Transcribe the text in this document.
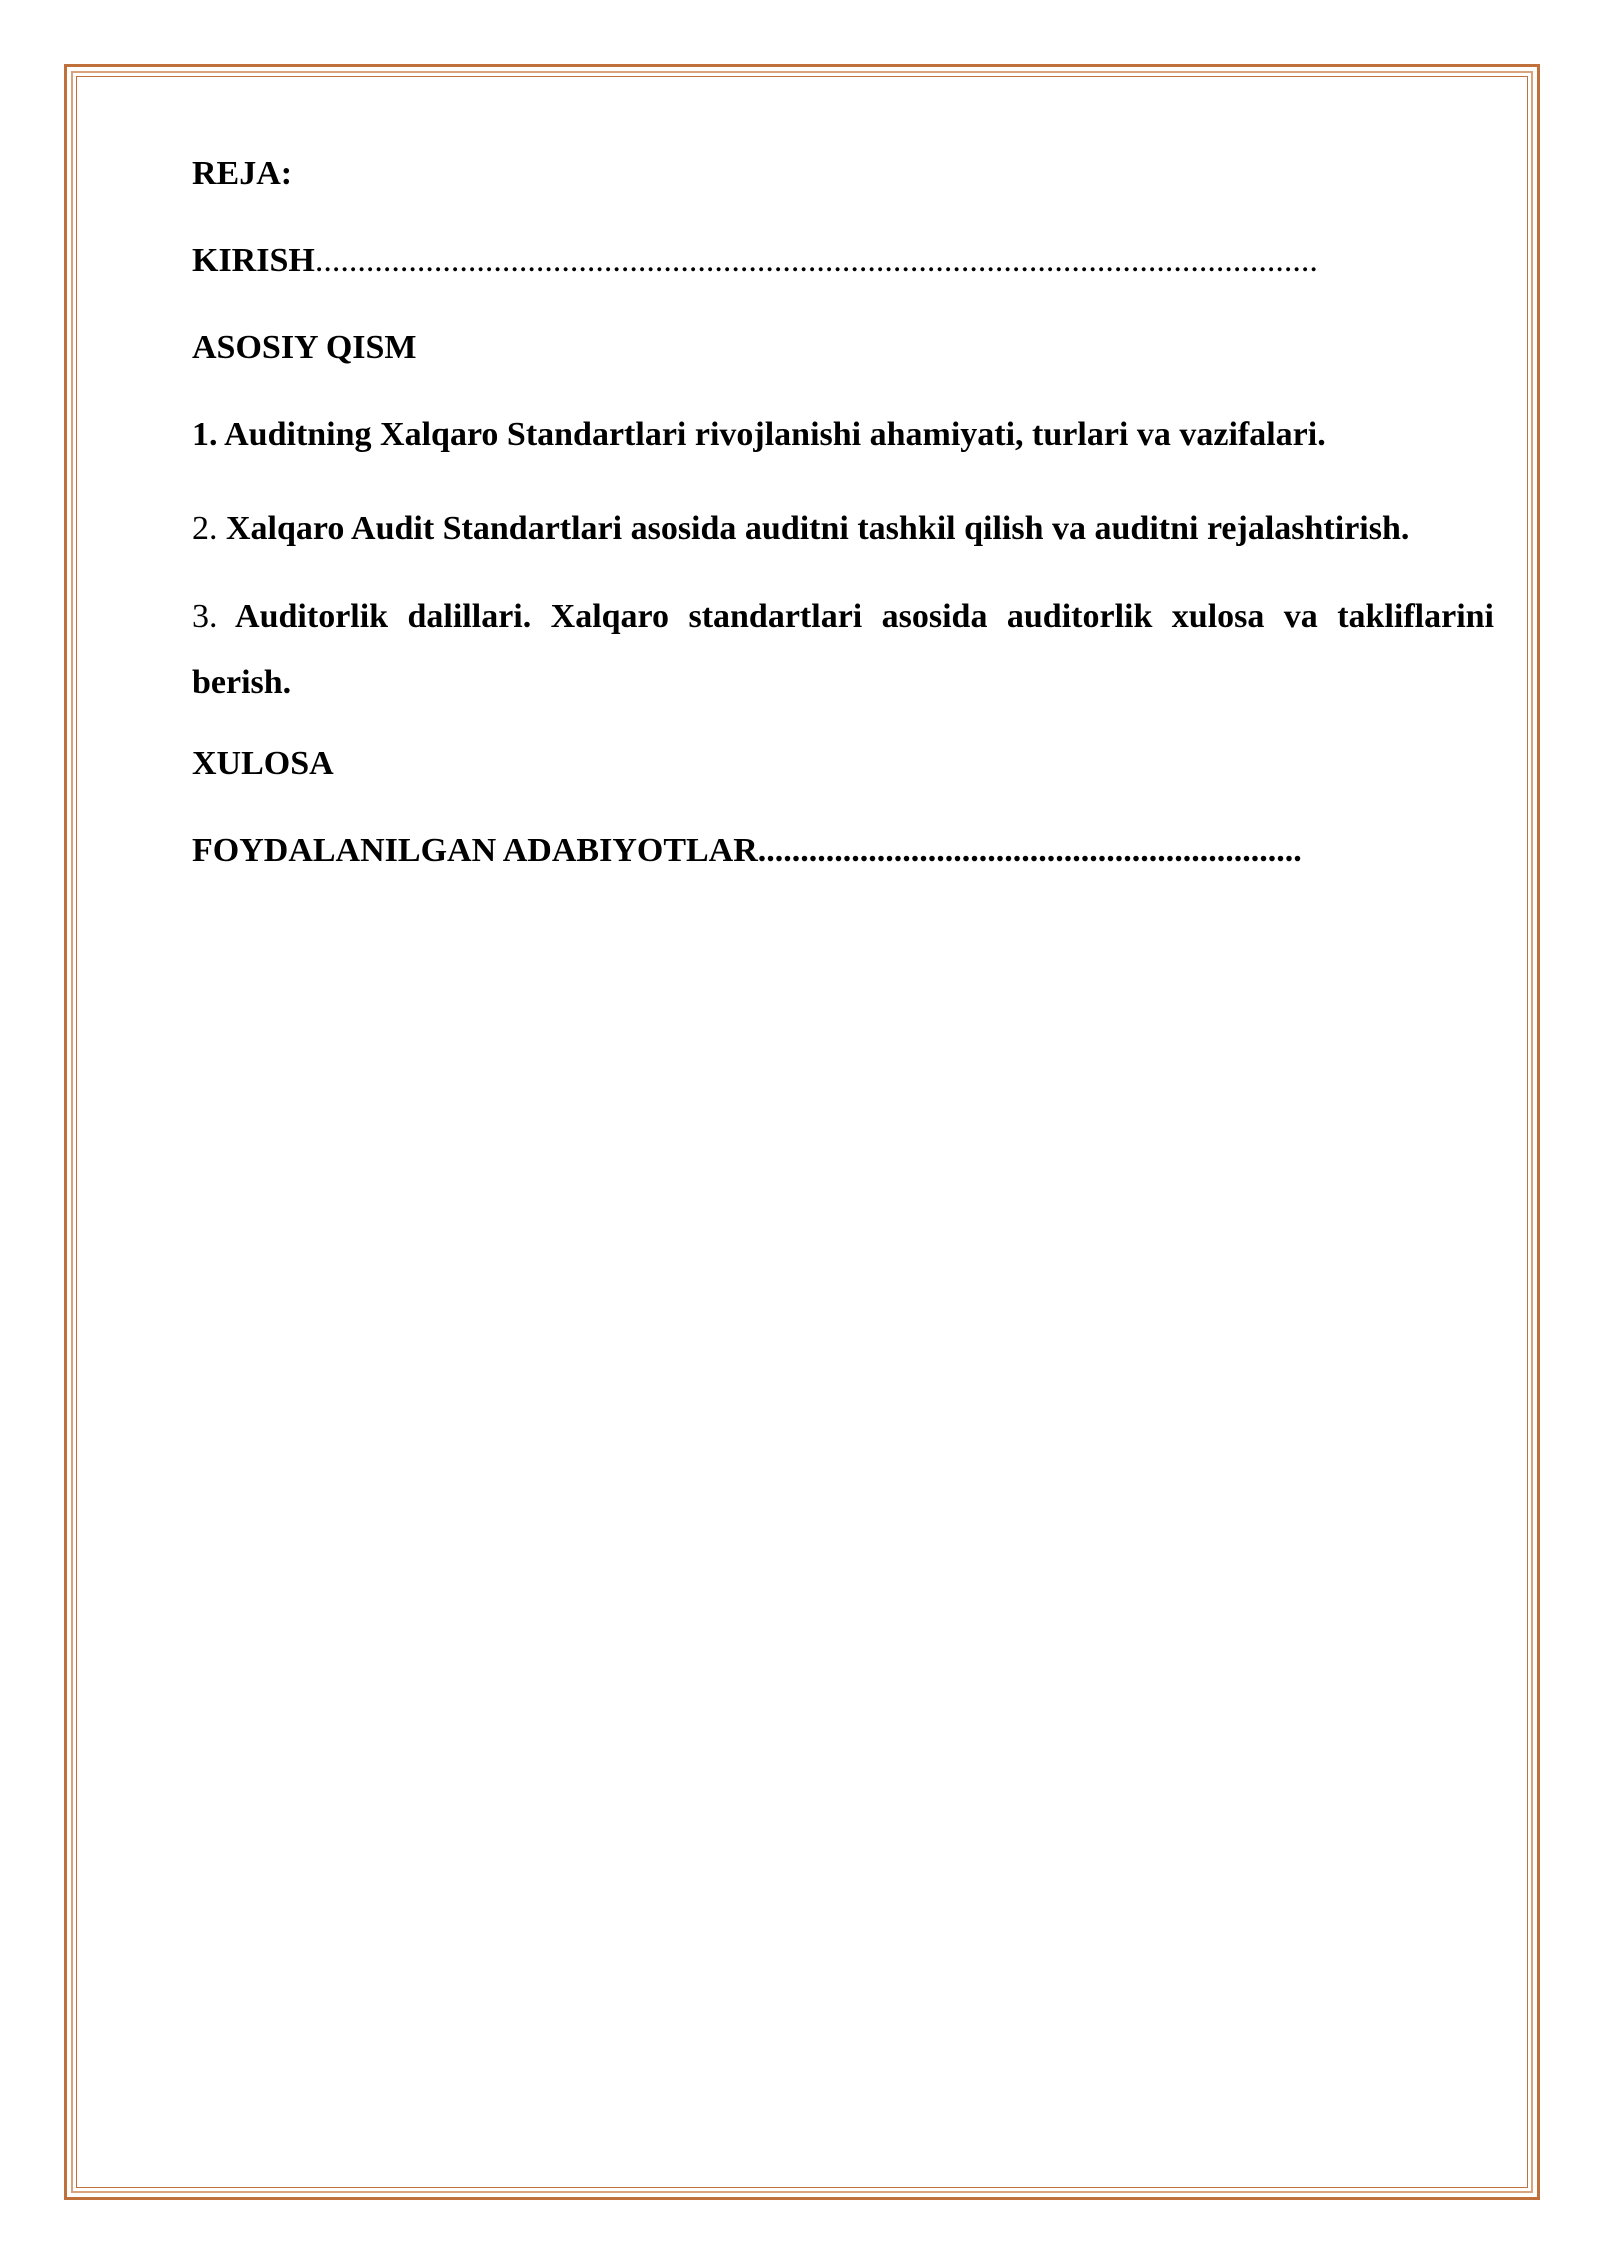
REJA:
KIRISH......................................................................................................................
ASOSIY QISM
1. Auditning Xalqaro Standartlari rivojlanishi ahamiyati, turlari va vazifalari.
2. Xalqaro Audit Standartlari asosida auditni tashkil qilish va auditni rejalashtirish.
3. Auditorlik dalillari. Xalqaro standartlari asosida auditorlik xulosa va takliflarini berish.
XULOSA
FOYDALANILGAN ADABIYOTLAR................................................................
